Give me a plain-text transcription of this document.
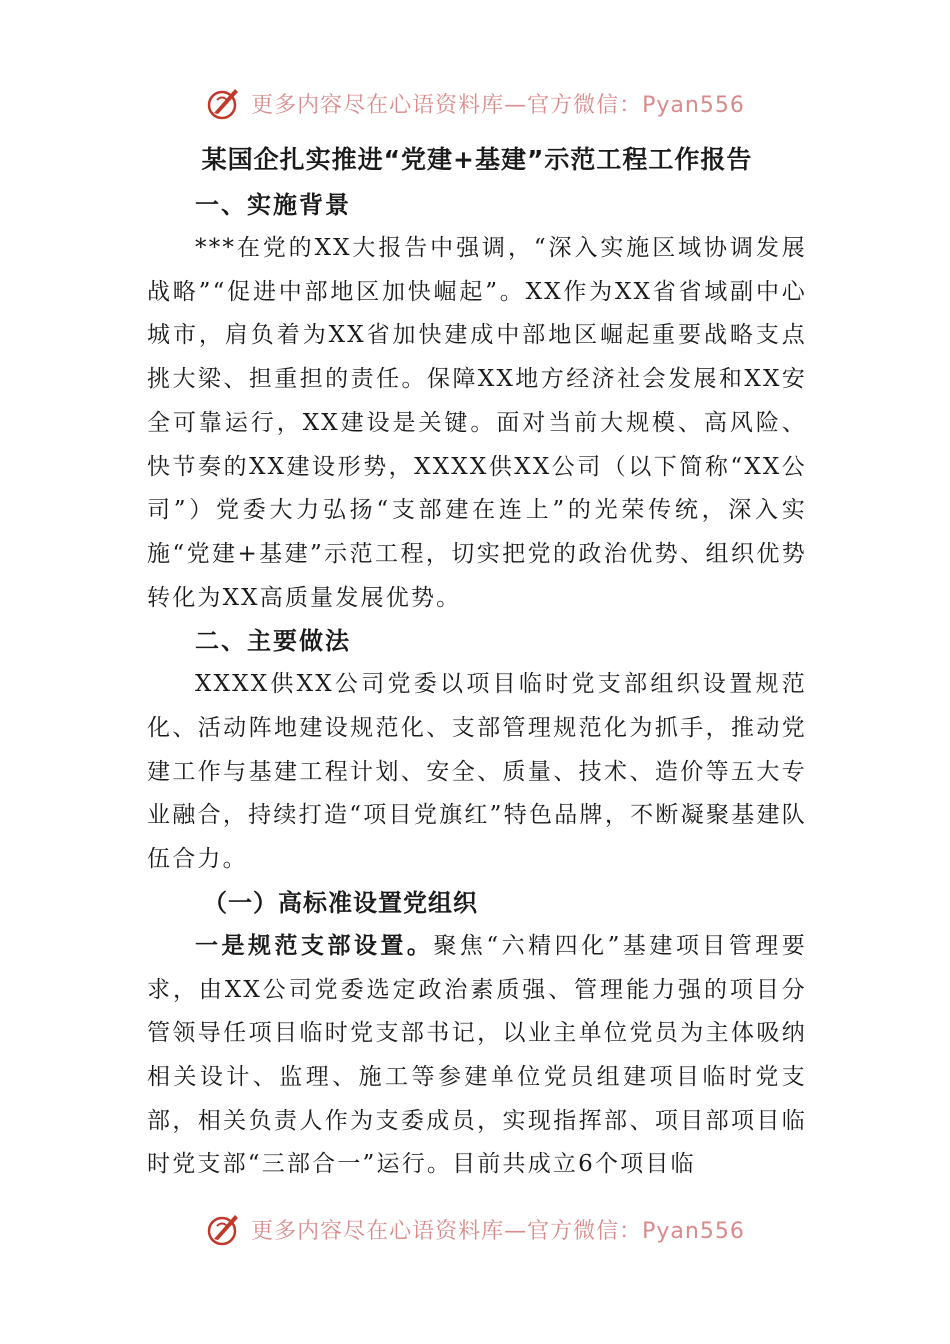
更多内容尽在心语资料库—官方微信：Pyan556
某国企扎实推进“党建+基建”示范工程工作报告
一、实施背景

***在党的XX大报告中强调，“深入实施区域协调发展战略”“促进中部地区加快崛起”。XX作为XX省省域副中心城市，肩负着为XX省加快建成中部地区崛起重要战略支点挑大梁、担重担的责任。保障XX地方经济社会发展和XX安全可靠运行，XX建设是关键。面对当前大规模、高风险、快节奏的XX建设形势，XXXX供XX公司（以下简称“XX公司”）党委大力弘扬“支部建在连上”的光荣传统，深入实施“党建+基建”示范工程，切实把党的政治优势、组织优势转化为XX高质量发展优势。

二、主要做法

XXXX供XX公司党委以项目临时党支部组织设置规范化、活动阵地建设规范化、支部管理规范化为抓手，推动党建工作与基建工程计划、安全、质量、技术、造价等五大专业融合，持续打造“项目党旗红”特色品牌，不断凝聚基建队伍合力。

（一）高标准设置党组织

一是规范支部设置。聚焦“六精四化”基建项目管理要求，由XX公司党委选定政治素质强、管理能力强的项目分管领导任项目临时党支部书记，以业主单位党员为主体吸纳相关设计、监理、施工等参建单位党员组建项目临时党支部，相关负责人作为支委成员，实现指挥部、项目部项目临时党支部“三部合一”运行。目前共成立6个项目临

更多内容尽在心语资料库—官方微信：Pyan556
